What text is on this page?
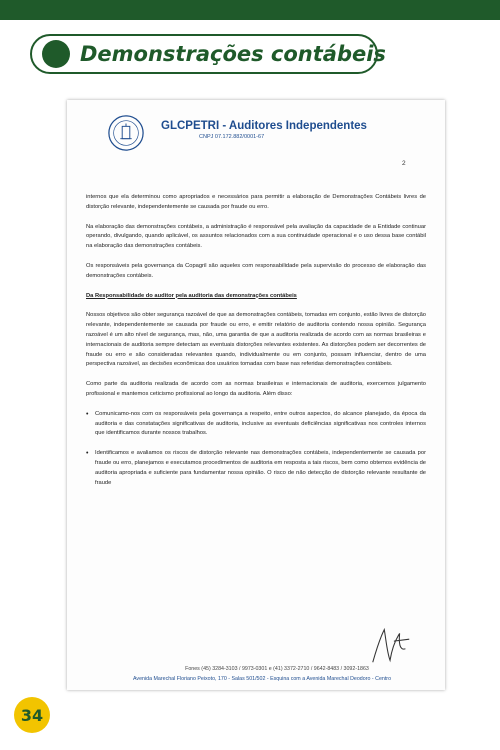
Demonstrações contábeis
GLCPETRI - Auditores Independentes
CNPJ 07.172.882/0001-67
2

internos que ela determinou como apropriados e necessários para permitir a elaboração de Demonstrações Contábeis livres de distorção relevante, independentemente se causada por fraude ou erro.

Na elaboração das demonstrações contábeis, a administração é responsável pela avaliação da capacidade de a Entidade continuar operando, divulgando, quando aplicável, os assuntos relacionados com a sua continuidade operacional e o uso dessa base contábil na elaboração das demonstrações contábeis.

Os responsáveis pela governança da Copagril são aqueles com responsabilidade pela supervisão do processo de elaboração das demonstrações contábeis.

Da Responsabilidade do auditor pela auditoria das demonstrações contábeis

Nossos objetivos são obter segurança razoável de que as demonstrações contábeis, tomadas em conjunto, estão livres de distorção relevante, independentemente se causada por fraude ou erro, e emitir relatório de auditoria contendo nossa opinião. Segurança razoável é um alto nível de segurança, mas, não, uma garantia de que a auditoria realizada de acordo com as normas brasileiras e internacionais de auditoria sempre detectam as eventuais distorções relevantes existentes. As distorções podem ser decorrentes de fraude ou erro e são consideradas relevantes quando, individualmente ou em conjunto, possam influenciar, dentro de uma perspectiva razoável, as decisões econômicas dos usuários tomadas com base nas referidas demonstrações contábeis.

Como parte da auditoria realizada de acordo com as normas brasileiras e internacionais de auditoria, exercemos julgamento profissional e mantemos ceticismo profissional ao longo da auditoria. Além disso:

• Comunicamo-nos com os responsáveis pela governança a respeito, entre outros aspectos, do alcance planejado, da época da auditoria e das constatações significativas de auditoria, inclusive as eventuais deficiências significativas nos controles internos que identificamos durante nossos trabalhos.
• Identificamos e avaliamos os riscos de distorção relevante nas demonstrações contábeis, independentemente se causada por fraude ou erro, planejamos e executamos procedimentos de auditoria em resposta a tais riscos, bem como obtemos evidência de auditoria apropriada e suficiente para fundamentar nossa opinião. O risco de não detecção de distorção relevante resultante de fraude
Fones (45) 3284-3103 / 9973-0301 e (41) 3372-2710 / 9642-8483 / 3092-1863
Avenida Marechal Floriano Peixoto, 170 - Salas 501/502 - Esquina com a Avenida Marechal Deodoro - Centro
34
